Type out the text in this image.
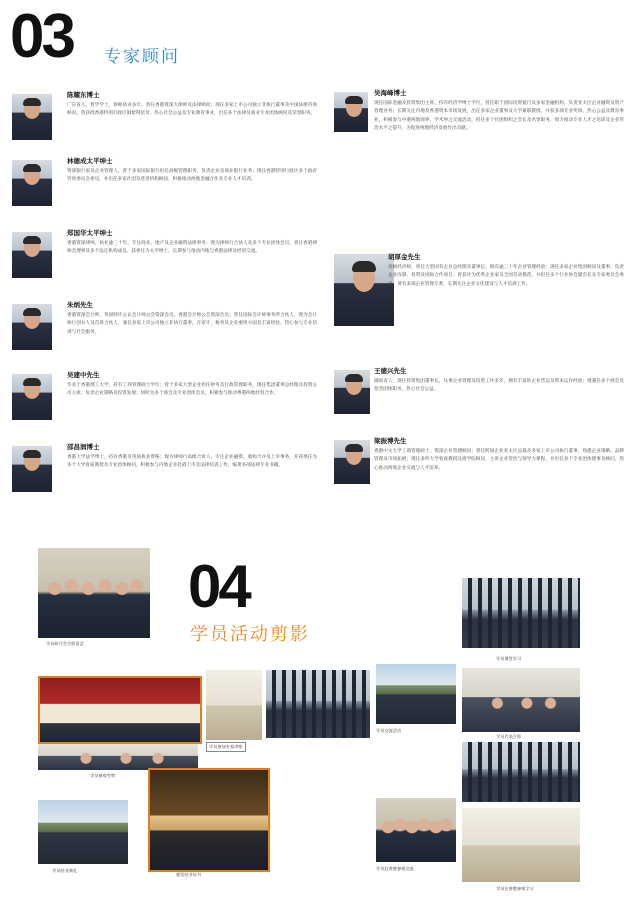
03 专家顾问
陈耀东博士
广东省人。哲学学士，律师执业多年，曾任香港资深大律师及法律顾问；现任多家上市公司独立非执行董事及中国法律咨询顾问。曾获授香港特别行政区铜紫荆星章，热心社会公益及专业教育事业，出任多个法律及商业专业团体顾问及荣誉职务。
林德成太平绅士
资深银行家及企业管理人，曾于多家国际银行担任高级管理职务，负责企业及商业银行业务；现任香港特别行政区多个政府咨询委员会委员，并出任多家社团及慈善机构顾问，积极推动两地金融合作及专业人才培训。
郑国华太平绅士
香港资深律师，执业逾三十年，专注商业、地产及企业融资法律事务；现为律师行合伙人及多个专业团体会员，曾任香港律师会理事及多个法定机构成员，获委任为太平绅士，长期参与推动内地与香港法律及经贸交流。
朱炳先生
香港资深会计师，英国特许公认会计师公会资深会员、香港会计师公会资深会员；曾任国际会计师事务所合伙人，现为会计师行创办人及首席合伙人，兼任多家上市公司独立非执行董事，在审计、税务及企业重组方面具丰富经验，热心参与专业培训与社会服务。
吴建中先生
毕业于香港理工大学，持有工商管理硕士学位；曾于多家大型企业担任财务及行政管理职务，现任集团董事总经理及投资公司主席，负责企业策略及投资发展；同时为多个商会及专业团体会员，积极参与推动粤港两地经贸合作。
邵昌润博士
香港大学法学博士，持有香港及英国执业资格；现为律师行高级合伙人，专注企业融资、收购合并及上市事务，并获委任为多个大学客座教授及专业团体顾问，积极参与内地企业赴港上市及法律培训工作，编著多部法律专业书籍。
吴海峰博士
现任国际金融及投资集团主席，持有经济学博士学位，曾任职于国际投资银行及多家金融机构，负责亚太区企业融资及资产管理业务；长期关注内地及香港资本市场发展，出任多家企业董事及大学兼职教授，并获多项专业奖项。热心公益及教育事业，积极参与中港两地商界、学术界之交流活动，担任多个社团组织之会长及名誉职务，致力推动专业人才之培训及企业管治水平之提升，为促进两地经济发展作出贡献。
胡厚金先生
高级经济师，曾任大型国有企业总经理及董事长，拥有逾三十年企业管理经验；现任多家企业集团顾问及董事，负责企业改制、投资及国际合作项目；曾获评为优秀企业家及全国劳动模范，并担任多个行业协会副会长及专家委员会委员，著有多部企业管理专著，长期关注企业文化建设与人才培训工作。
王德兴先生
湖南省人，现任投资集团董事长，从事企业管理及投资工作多年，拥有丰富的企业营运及资本运作经验；现兼任多个商会及慈善团体职务，热心社会公益。
梁振博先生
香港中文大学工商管理硕士，资深企业管理顾问；曾任跨国企业亚太区总裁及多家上市公司执行董事，熟悉企业策略、品牌管理及市场拓展；现任多所大学客座教授及商学院顾问，主讲企业管治与领导力课程，并出任多个专业团体理事及顾问，热心推动两地企业交流与人才培养。
04
学员活动剪影
学员研讨会合影留念
学员参加专家讲座
学员参观考察
学员结业典礼
颁发结业证书
学员课堂学习
学员交流活动
学员代表合影
学员赴香港参观交流
学员在香港参观学习
